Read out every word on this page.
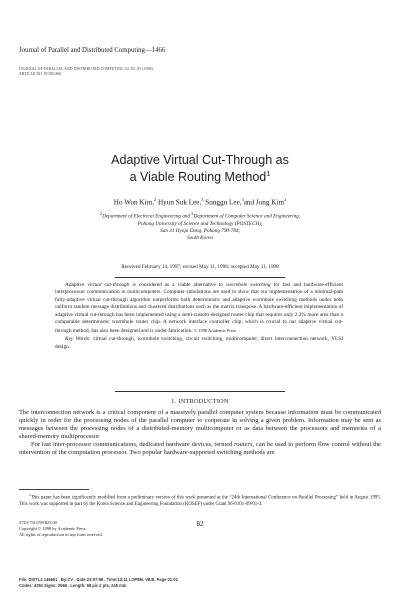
Journal of Parallel and Distributed Computing—1466
JOURNAL OF PARALLEL AND DISTRIBUTED COMPUTING 52, 82–95 (1998)
ARTICLE NO. PC981466
Adaptive Virtual Cut-Through as
a Viable Routing Method$^1$
Ho Won Kim,$^2$ Hyun Suk Lee,$^3$ Sunggu Lee,$^3$and Jong Kim$^2$
$^2$Department of Electrical Engineering and $^3$Department of Computer Science and Engineering,
Pohang University of Science and Technology (POSTECH),
San 31 Hyoja Dong, Pohang 790-784,
South Korea
Received February 14, 1997; revised May 11, 1998; accepted May 11, 1998

Adaptive virtual cut-through is considered as a viable alternative to wormhole switching for fast and hardware-efficient interprocessor communication in multicomputers. Computer simulations are used to show that our implementation of a minimal-path fully-adaptive virtual cut-through algorithm outperforms both deterministic and adaptive wormhole switching methods under both uniform random message distributions and clustered distributions such as the matrix transpose. A hardware-efficient implementation of adaptive virtual cut-through has been implemented using a semi-custom-designed router chip that requires only 2.3% more area than a comparable deterministic wormhole router chip. A network interface controller chip, which is crucial to our adaptive virtual cut-through method, has also been designed and is under fabrication. © 1998 Academic Press

Key Words: virtual cut-through, wormhole switching, circuit switching, multicomputer, direct interconnection network, VLSI design.

1. INTRODUCTION

The interconnection network is a critical component of a massively parallel computer system because information must be communicated quickly in order for the processing nodes of the parallel computer to cooperate in solving a given problem. Information may be sent as messages between the processing nodes of a distributed-memory multicomputer or as data between the processors and memories of a shared-memory multiprocessor

For fast inter-processor communications, dedicated hardware devices, termed routers, can be used to perform flow control without the intervention of the computation processor. Two popular hardware-supported switching methods are

$^1$This paper has been significantly modified from a preliminary version of this work presented at the “24th International Conference on Parallel Processing” held in August 1995. This work was supported in part by the Korea Science and Engineering Foundation (KOSEF) under Grant 96-0101-09-01-3.
0743-7315/98 $25.00
Copyright © 1998 by Academic Press
All rights of reproduction in any form reserved.
82
File: DISTL2 146601 . By:CV . Date:23:07:98 . Time:13:11 LOP8M. V8.B. Page 01:01
Codes: 4351 Signs: 2566 . Length: 58 pic 2 pts, 245 mm
